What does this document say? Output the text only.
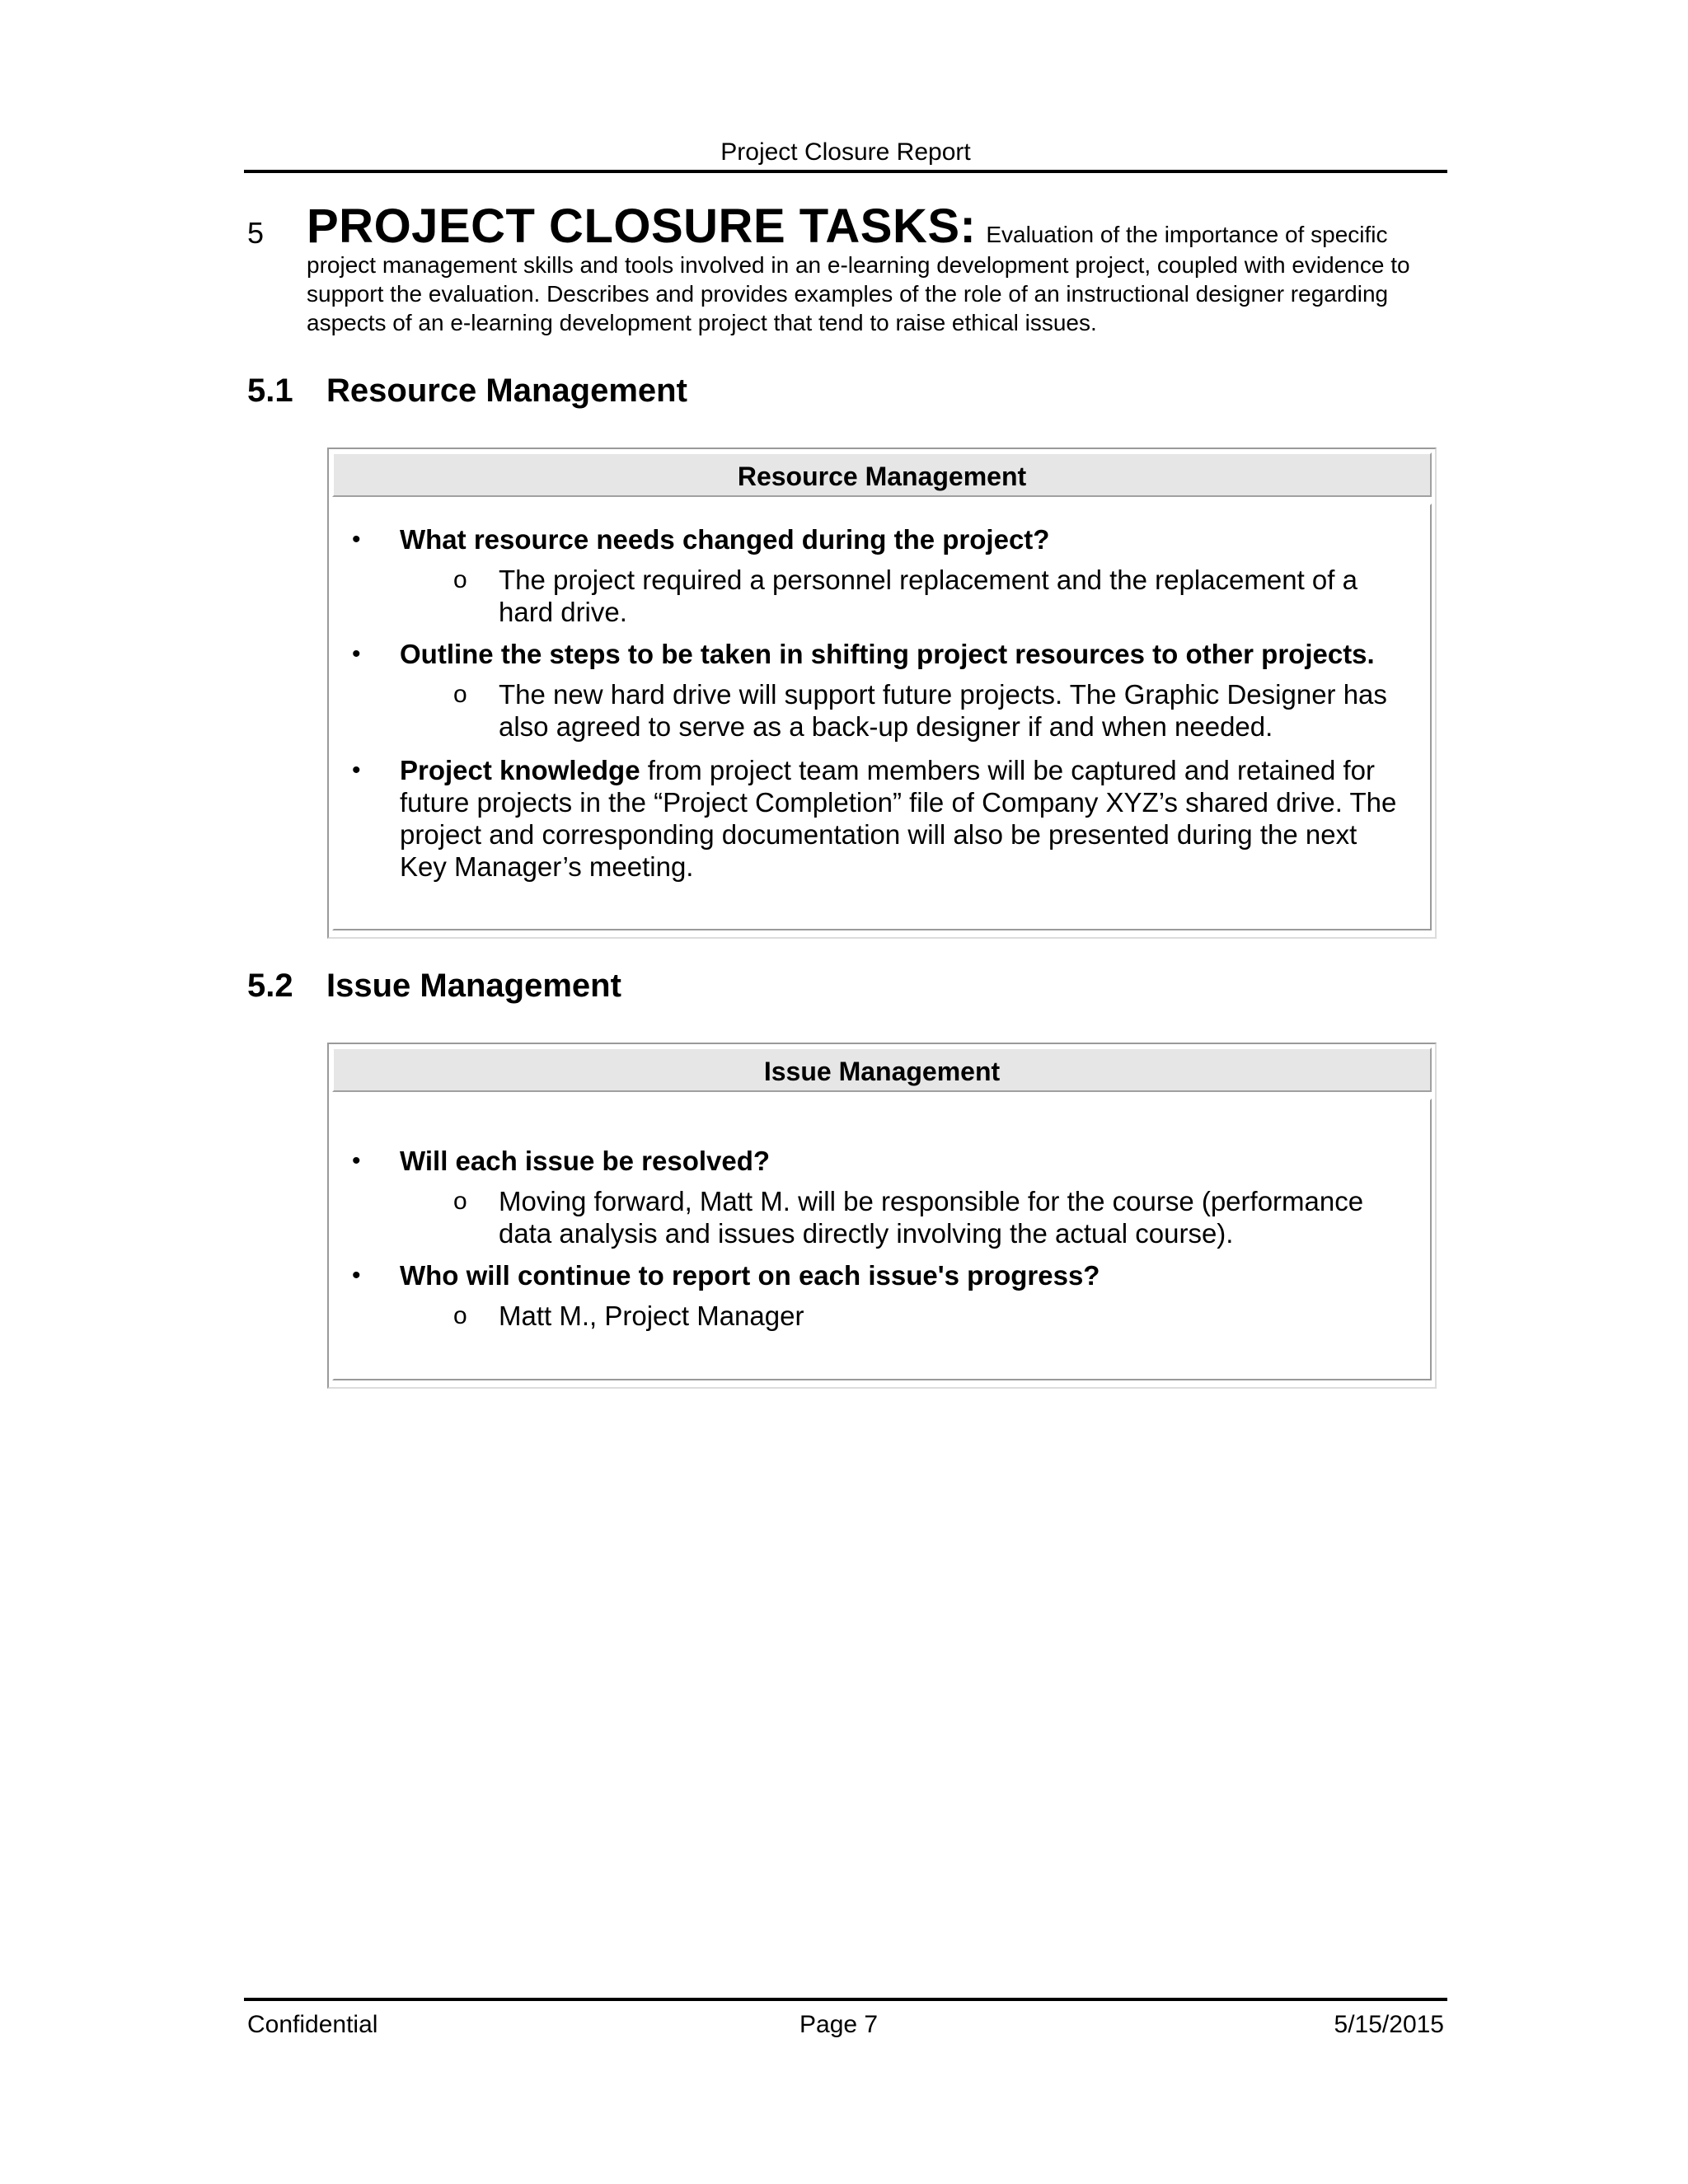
Project Closure Report
5 PROJECT CLOSURE TASKS: Evaluation of the importance of specific project management skills and tools involved in an e-learning development project, coupled with evidence to support the evaluation. Describes and provides examples of the role of an instructional designer regarding aspects of an e-learning development project that tend to raise ethical issues.
5.1 Resource Management
Resource Management
• What resource needs changed during the project?
o The project required a personnel replacement and the replacement of a hard drive.
• Outline the steps to be taken in shifting project resources to other projects.
o The new hard drive will support future projects. The Graphic Designer has also agreed to serve as a back-up designer if and when needed.
• Project knowledge from project team members will be captured and retained for future projects in the “Project Completion” file of Company XYZ’s shared drive. The project and corresponding documentation will also be presented during the next Key Manager’s meeting.
5.2 Issue Management
Issue Management
• Will each issue be resolved?
o Moving forward, Matt M. will be responsible for the course (performance data analysis and issues directly involving the actual course).
• Who will continue to report on each issue's progress?
o Matt M., Project Manager
Confidential	Page 7	5/15/2015
